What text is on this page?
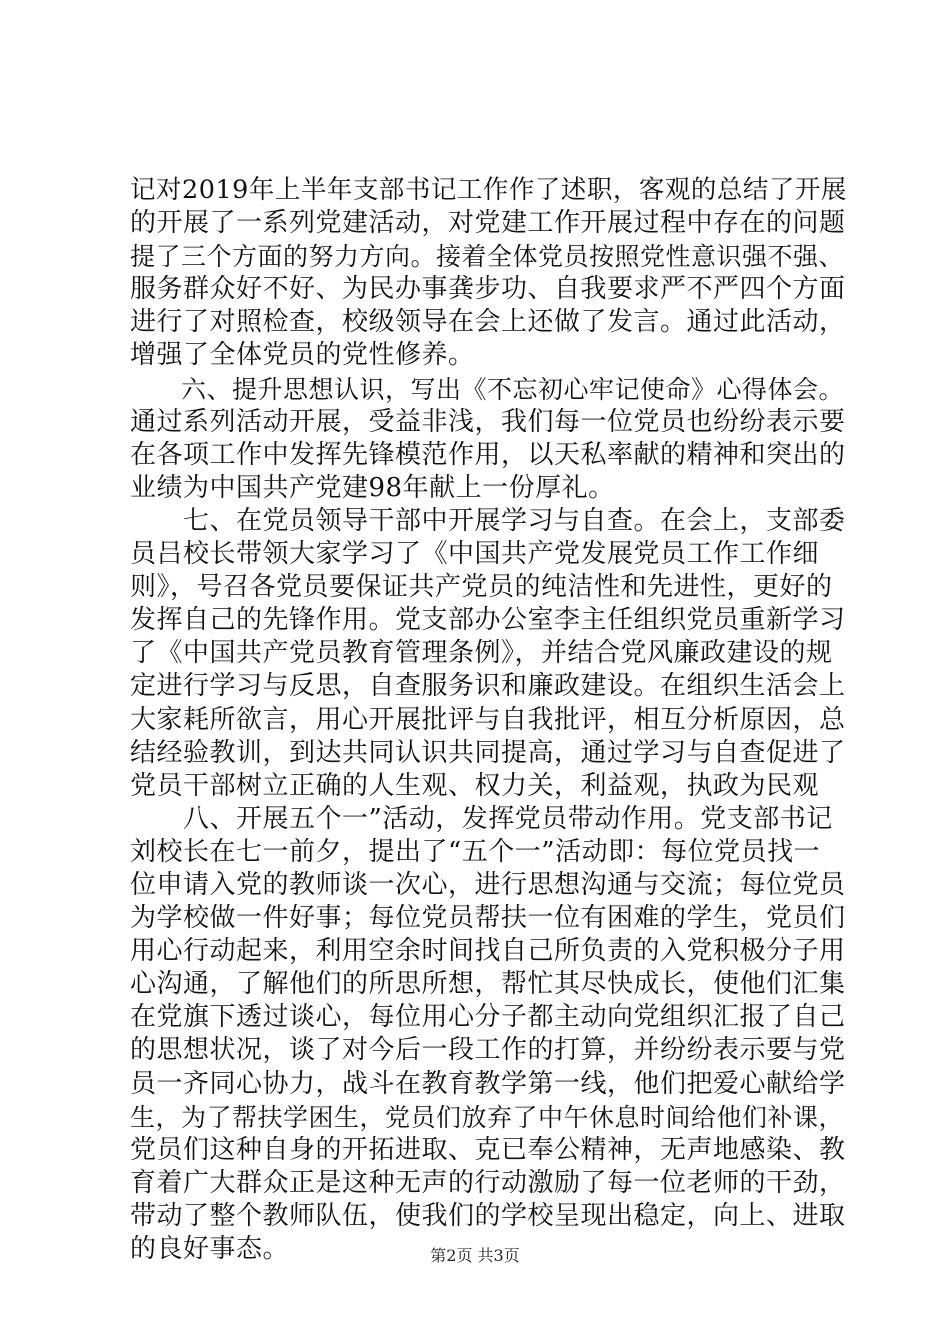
记对2019年上半年支部书记工作作了述职，客观的总结了开展
的开展了一系列党建活动，对党建工作开展过程中存在的问题
提了三个方面的努力方向。接着全体党员按照党性意识强不强、
服务群众好不好、为民办事龚步功、自我要求严不严四个方面
进行了对照检查，校级领导在会上还做了发言。通过此活动，
增强了全体党员的党性修养。
　　六、提升思想认识，写出《不忘初心牢记使命》心得体会。
通过系列活动开展，受益非浅，我们每一位党员也纷纷表示要
在各项工作中发挥先锋模范作用，以天私率献的精神和突出的
业绩为中国共产党建98年献上一份厚礼。
　　七、在党员领导干部中开展学习与自查。在会上，支部委
员吕校长带领大家学习了《中国共产党发展党员工作工作细
则》，号召各党员要保证共产党员的纯洁性和先进性，更好的
发挥自己的先锋作用。党支部办公室李主任组织党员重新学习
了《中国共产党员教育管理条例》，并结合党风廉政建设的规
定进行学习与反思，自查服务识和廉政建设。在组织生活会上
大家耗所欲言，用心开展批评与自我批评，相互分析原因，总
结经验教训，到达共同认识共同提高，通过学习与自查促进了
党员干部树立正确的人生观、权力关，利益观，执政为民观
　　八、开展五个一”活动，发挥党员带动作用。党支部书记
刘校长在七一前夕，提出了“五个一”活动即：每位党员找一
位申请入党的教师谈一次心，进行思想沟通与交流；每位党员
为学校做一件好事；每位党员帮扶一位有困难的学生，党员们
用心行动起来，利用空余时间找自己所负责的入党积极分子用
心沟通，了解他们的所思所想，帮忙其尽快成长，使他们汇集
在党旗下透过谈心，每位用心分子都主动向党组织汇报了自己
的思想状况，谈了对今后一段工作的打算，并纷纷表示要与党
员一齐同心协力，战斗在教育教学第一线，他们把爱心献给学
生，为了帮扶学困生，党员们放弃了中午休息时间给他们补课，
党员们这种自身的开拓进取、克已奉公精神，无声地感染、教
育着广大群众正是这种无声的行动激励了每一位老师的干劲，
带动了整个教师队伍，使我们的学校呈现出稳定，向上、进取
的良好事态。	第2页 共3页
